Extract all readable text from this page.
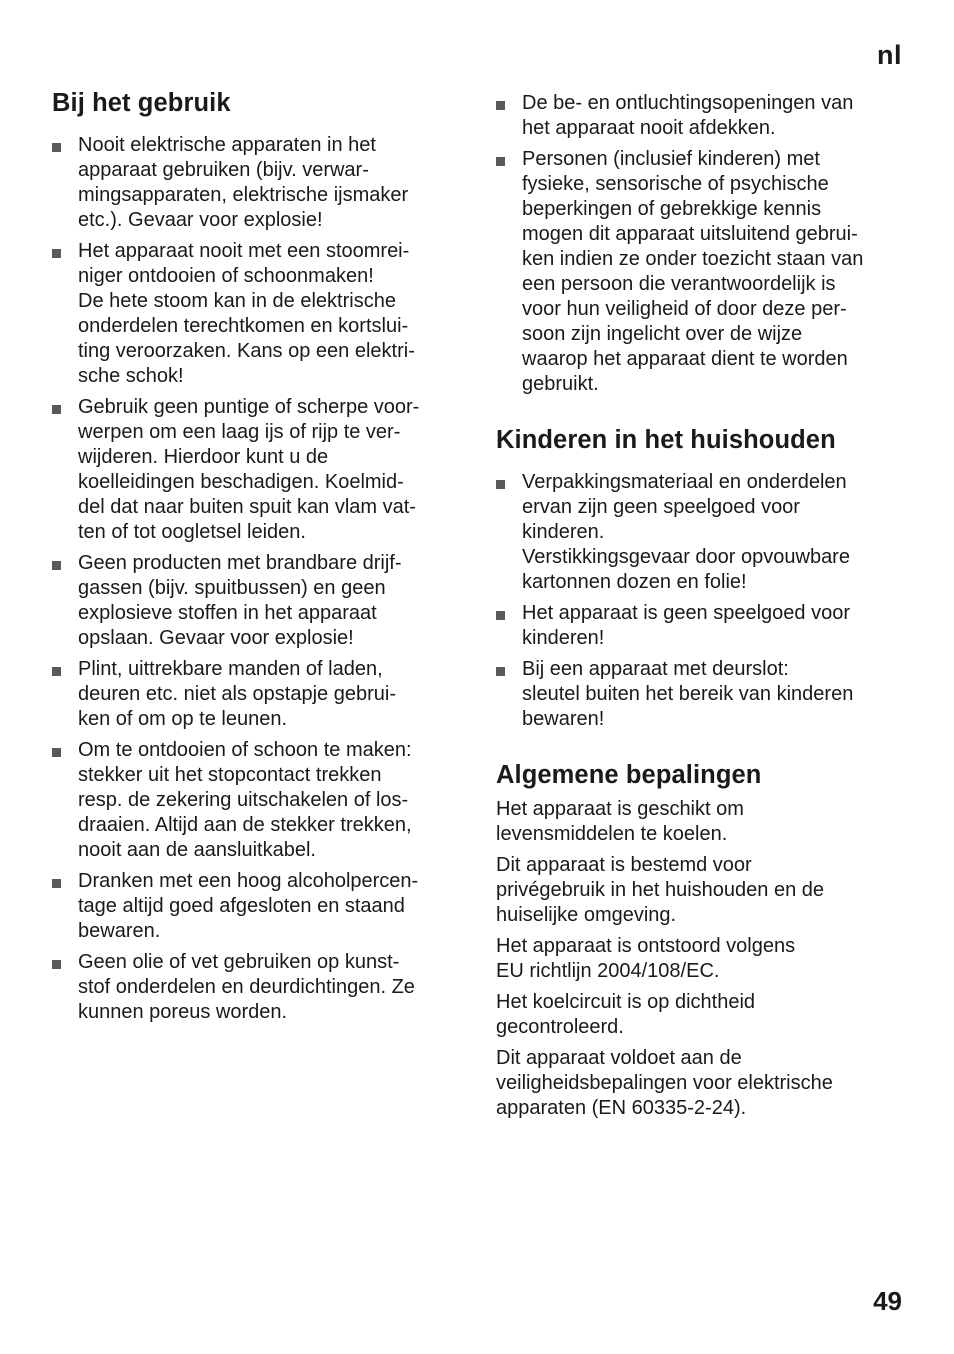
nl
Bij het gebruik
Nooit elektrische apparaten in het
apparaat gebruiken (bijv. verwar-
mingsapparaten, elektrische ijsmaker
etc.). Gevaar voor explosie!
Het apparaat nooit met een stoomrei-
niger ontdooien of schoonmaken!
De hete stoom kan in de elektrische
onderdelen terechtkomen en kortslui-
ting veroorzaken. Kans op een elektri-
sche schok!
Gebruik geen puntige of scherpe voor-
werpen om een laag ijs of rijp te ver-
wijderen. Hierdoor kunt u de
koelleidingen beschadigen. Koelmid-
del dat naar buiten spuit kan vlam vat-
ten of tot oogletsel leiden.
Geen producten met brandbare drijf-
gassen (bijv. spuitbussen) en geen
explosieve stoffen in het apparaat
opslaan. Gevaar voor explosie!
Plint, uittrekbare manden of laden,
deuren etc. niet als opstapje gebrui-
ken of om op te leunen.
Om te ontdooien of schoon te maken:
stekker uit het stopcontact trekken
resp. de zekering uitschakelen of los-
draaien. Altijd aan de stekker trekken,
nooit aan de aansluitkabel.
Dranken met een hoog alcoholpercen-
tage altijd goed afgesloten en staand
bewaren.
Geen olie of vet gebruiken op kunst-
stof onderdelen en deurdichtingen. Ze
kunnen poreus worden.
De be- en ontluchtingsopeningen van
het apparaat nooit afdekken.
Personen (inclusief kinderen) met
fysieke, sensorische of psychische
beperkingen of gebrekkige kennis
mogen dit apparaat uitsluitend gebrui-
ken indien ze onder toezicht staan van
een persoon die verantwoordelijk is
voor hun veiligheid of door deze per-
soon zijn ingelicht over de wijze
waarop het apparaat dient te worden
gebruikt.
Kinderen in het huishouden
Verpakkingsmateriaal en onderdelen
ervan zijn geen speelgoed voor
kinderen.
Verstikkingsgevaar door opvouwbare
kartonnen dozen en folie!
Het apparaat is geen speelgoed voor
kinderen!
Bij een apparaat met deurslot:
sleutel buiten het bereik van kinderen
bewaren!
Algemene bepalingen

Het apparaat is geschikt om
levensmiddelen te koelen.

Dit apparaat is bestemd voor
privégebruik in het huishouden en de
huiselijke omgeving.

Het apparaat is ontstoord volgens
EU richtlijn 2004/108/EC.

Het koelcircuit is op dichtheid
gecontroleerd.

Dit apparaat voldoet aan de
veiligheidsbepalingen voor elektrische
apparaten (EN 60335-2-24).

49
